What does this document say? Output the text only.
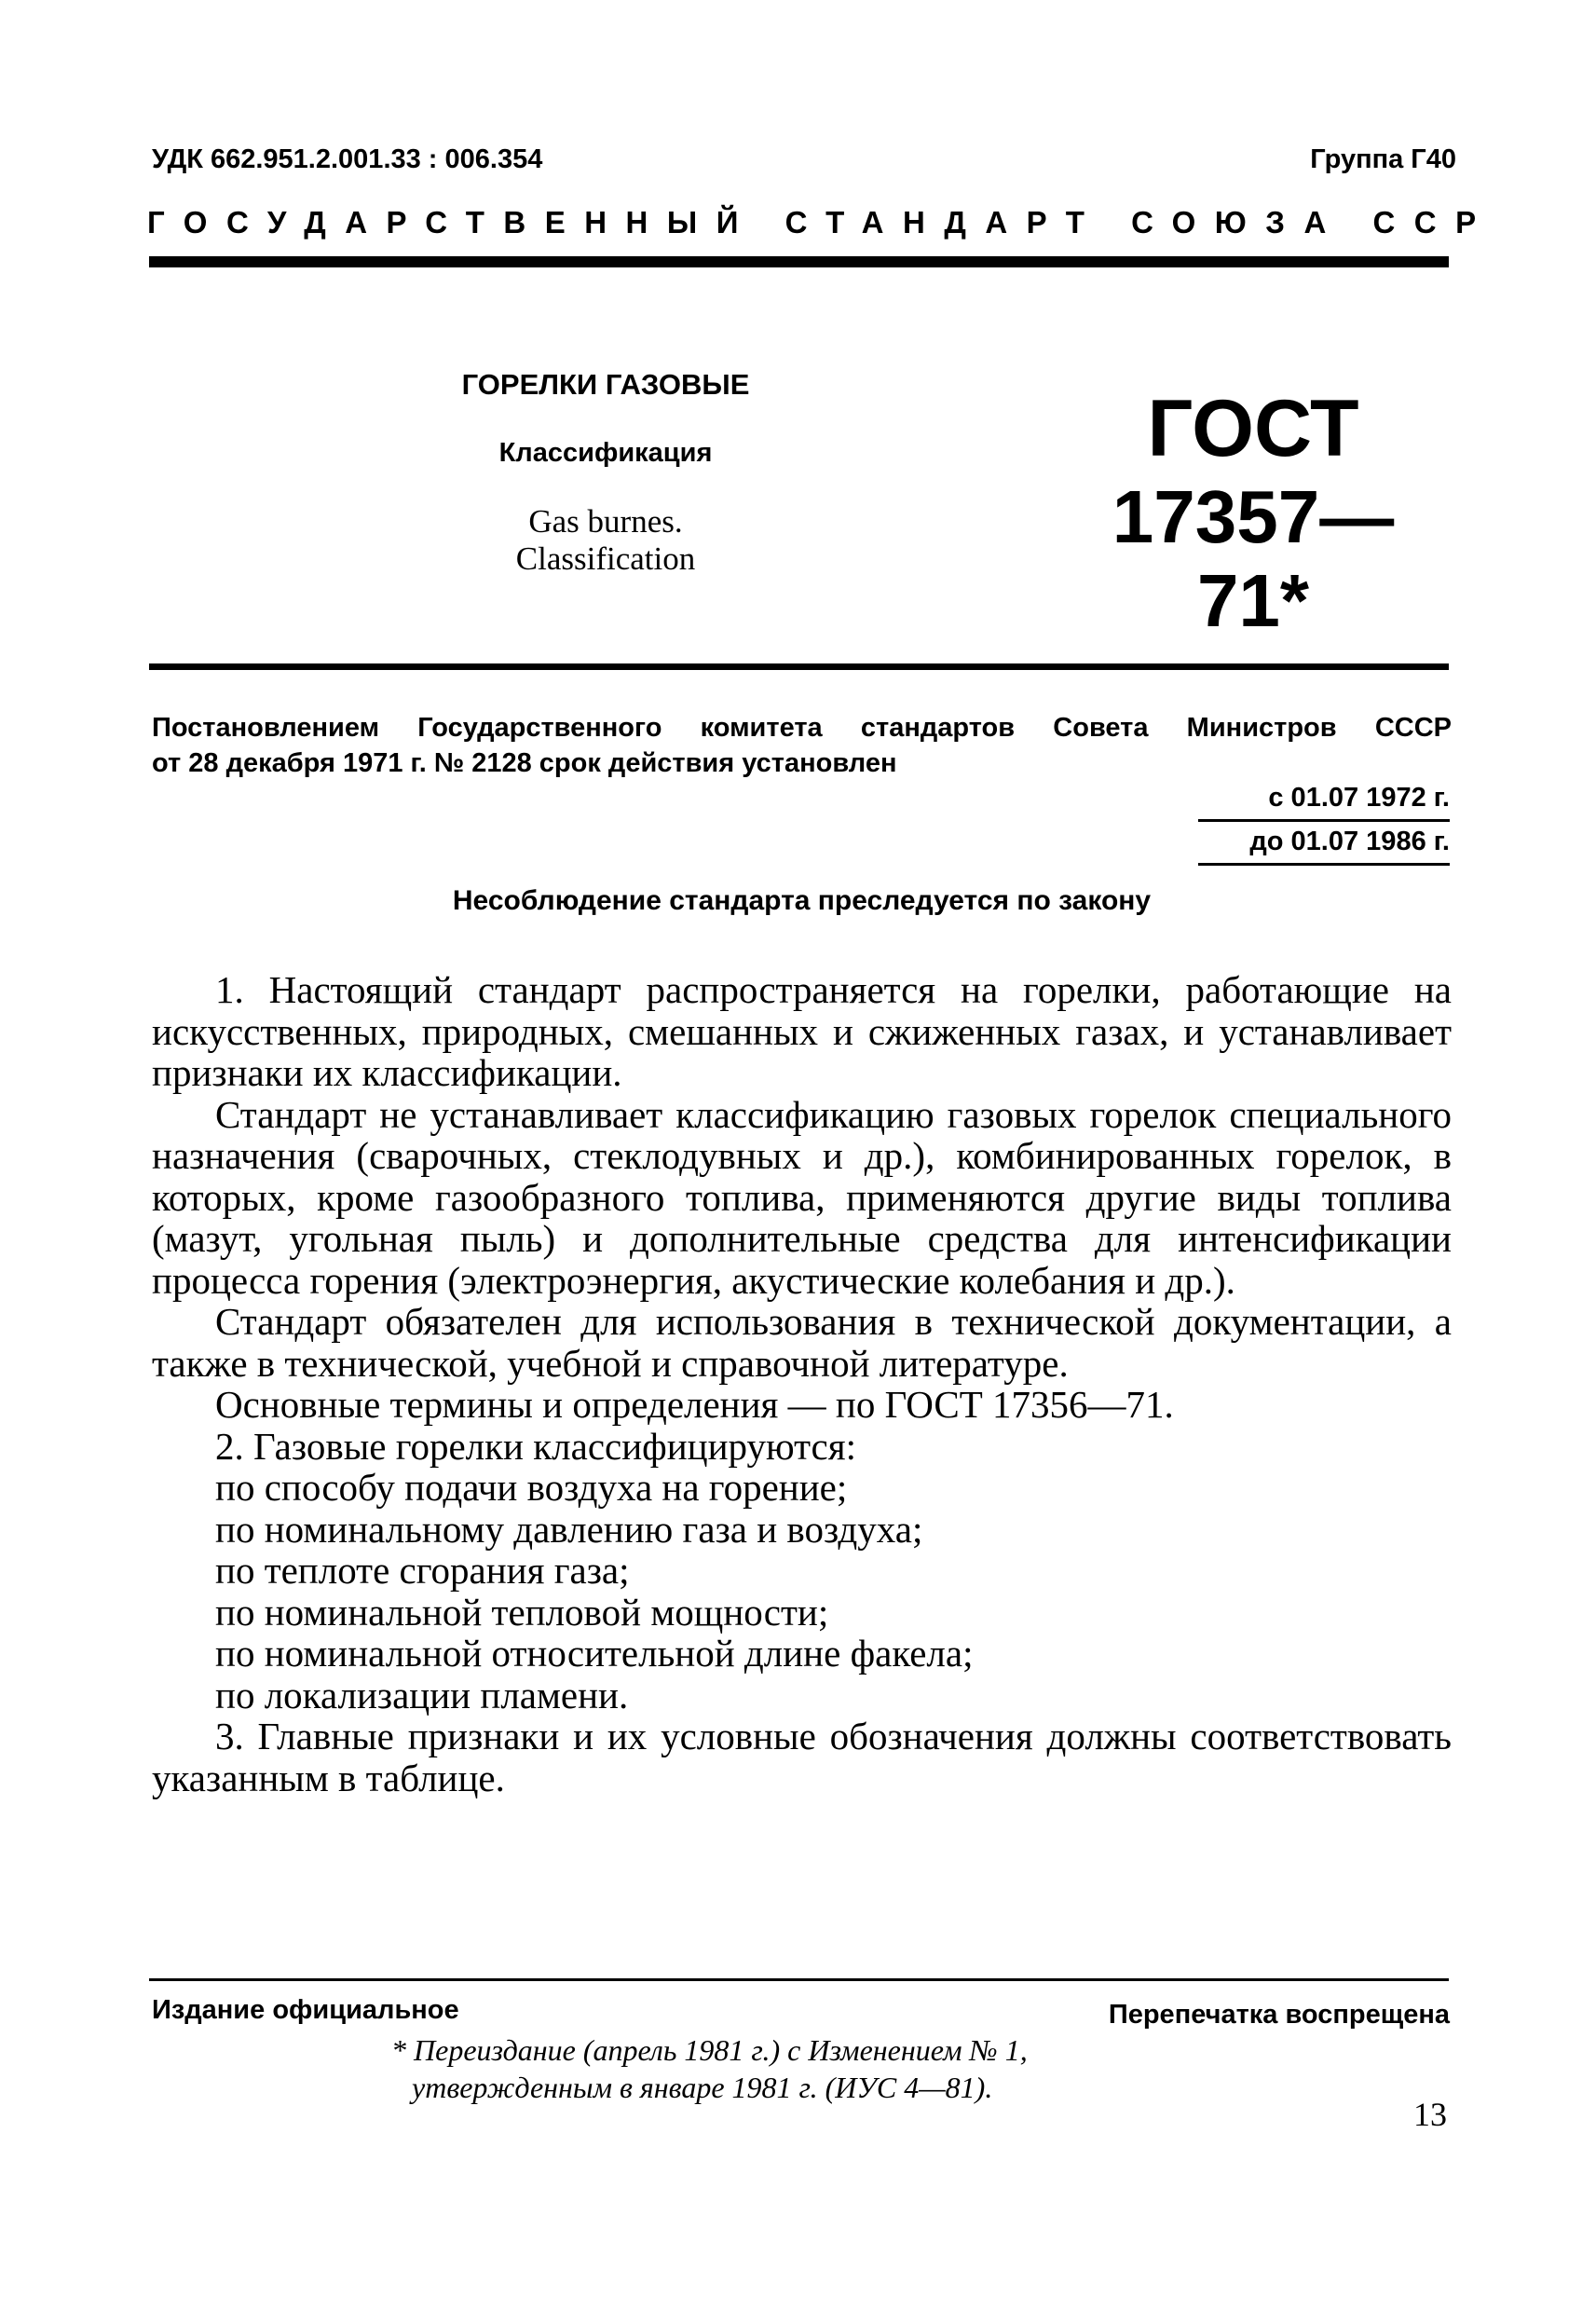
УДК 662.951.2.001.33 : 006.354	Группа Г40
ГОСУДАРСТВЕННЫЙ СТАНДАРТ СОЮЗА ССР
ГОРЕЛКИ ГАЗОВЫЕ
Классификация
Gas burnes.
Classification
ГОСТ
17357—71*
Постановлением Государственного комитета стандартов Совета Министров СССР
от 28 декабря 1971 г. № 2128 срок действия установлен
с 01.07 1972 г.
до 01.07 1986 г.
Несоблюдение стандарта преследуется по закону

1. Настоящий стандарт распространяется на горелки, работающие на искусственных, природных, смешанных и сжиженных газах, и устанавливает признаки их классификации.

Стандарт не устанавливает классификацию газовых горелок специального назначения (сварочных, стеклодувных и др.), комбинированных горелок, в которых, кроме газообразного топлива, применяются другие виды топлива (мазут, угольная пыль) и дополнительные средства для интенсификации процесса горения (электроэнергия, акустические колебания и др.).

Стандарт обязателен для использования в технической документации, а также в технической, учебной и справочной литературе.

Основные термины и определения — по ГОСТ 17356—71.

2. Газовые горелки классифицируются:

по способу подачи воздуха на горение;
по номинальному давлению газа и воздуха;
по теплоте сгорания газа;
по номинальной тепловой мощности;
по номинальной относительной длине факела;
по локализации пламени.

3. Главные признаки и их условные обозначения должны соответствовать указанным в таблице.

Издание официальное	Перепечатка воспрещена
* Переиздание (апрель 1981 г.) с Изменением № 1,
утвержденным в январе 1981 г. (ИУС 4—81).
13
